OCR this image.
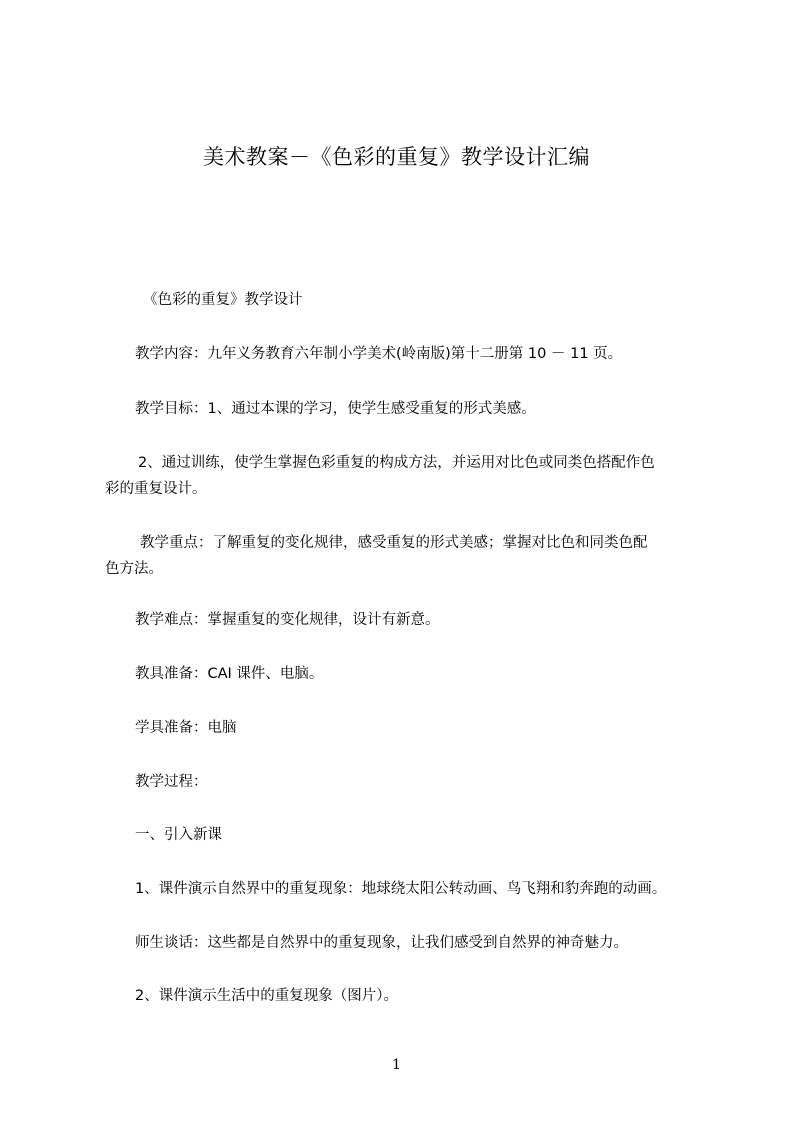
美术教案－《色彩的重复》教学设计汇编
《色彩的重复》教学设计
教学内容：九年义务教育六年制小学美术(岭南版)第十二册第 10 － 11 页。
教学目标：1、通过本课的学习，使学生感受重复的形式美感。
2、通过训练，使学生掌握色彩重复的构成方法，并运用对比色或同类色搭配作色
彩的重复设计。
教学重点：了解重复的变化规律，感受重复的形式美感；掌握对比色和同类色配
色方法。
教学难点：掌握重复的变化规律，设计有新意。
教具准备：CAI 课件、电脑。
学具准备：电脑
教学过程：
一、引入新课
1、课件演示自然界中的重复现象：地球绕太阳公转动画、鸟飞翔和豹奔跑的动画。
师生谈话：这些都是自然界中的重复现象，让我们感受到自然界的神奇魅力。
2、课件演示生活中的重复现象（图片）。
1
